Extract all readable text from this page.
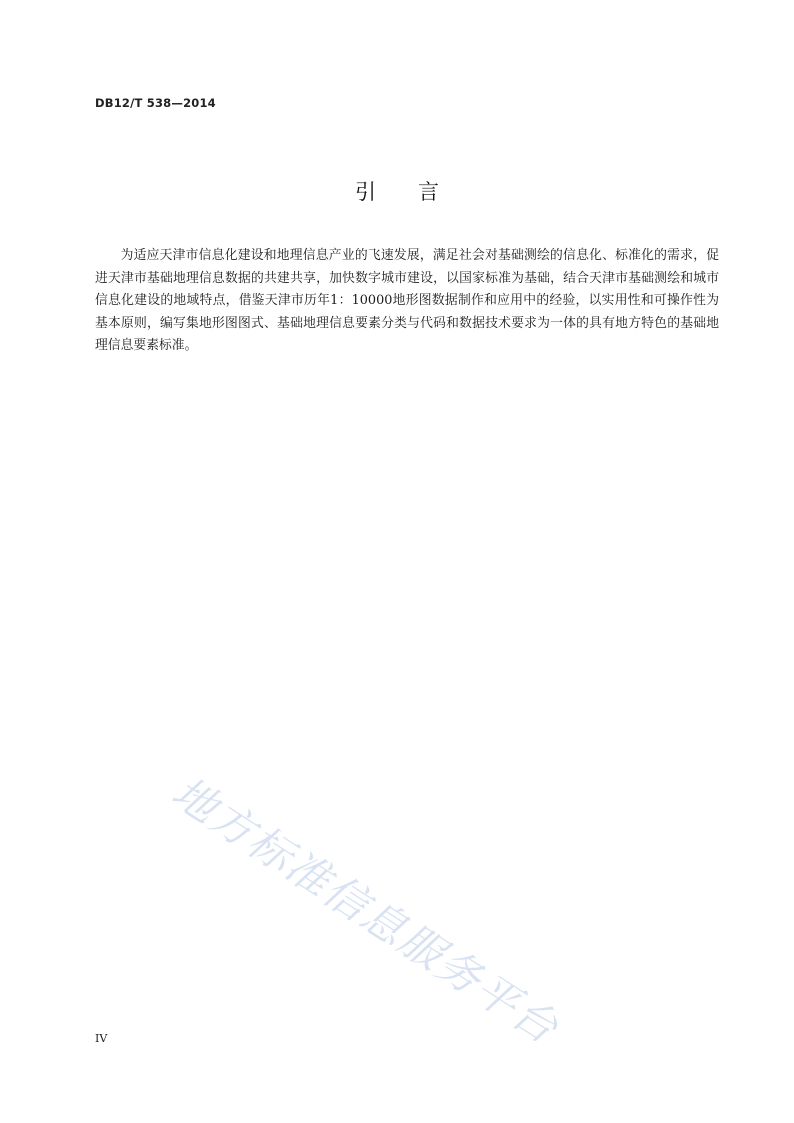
DB12/T 538—2014
引言
为适应天津市信息化建设和地理信息产业的飞速发展，满足社会对基础测绘的信息化、标准化的需求，促进天津市基础地理信息数据的共建共享，加快数字城市建设，以国家标准为基础，结合天津市基础测绘和城市信息化建设的地域特点，借鉴天津市历年1：10000地形图数据制作和应用中的经验，以实用性和可操作性为基本原则，编写集地形图图式、基础地理信息要素分类与代码和数据技术要求为一体的具有地方特色的基础地理信息要素标准。
地方标准信息服务平台
IV
